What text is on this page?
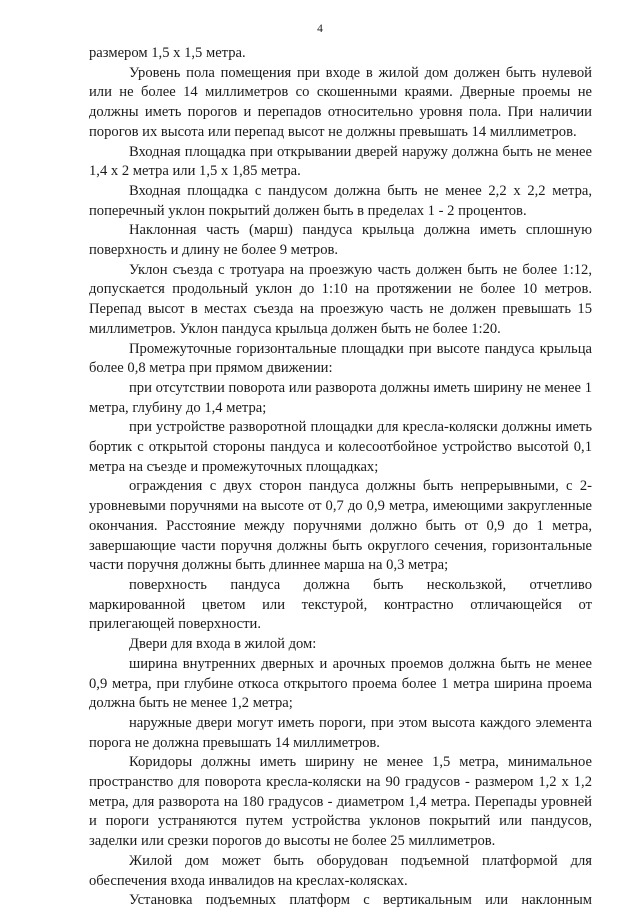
4

размером 1,5 х 1,5 метра.

Уровень пола помещения при входе в жилой дом должен быть нулевой или не более 14 миллиметров со скошенными краями. Дверные проемы не должны иметь порогов и перепадов относительно уровня пола. При наличии порогов их высота или перепад высот не должны превышать 14 миллиметров.

Входная площадка при открывании дверей наружу должна быть не менее 1,4 х 2 метра или 1,5 х 1,85 метра.

Входная площадка с пандусом должна быть не менее 2,2 х 2,2 метра, поперечный уклон покрытий должен быть в пределах 1 - 2 процентов.

Наклонная часть (марш) пандуса крыльца должна иметь сплошную поверхность и длину не более 9 метров.

Уклон съезда с тротуара на проезжую часть должен быть не более 1:12, допускается продольный уклон до 1:10 на протяжении не более 10 метров. Перепад высот в местах съезда на проезжую часть не должен превышать 15 миллиметров. Уклон пандуса крыльца должен быть не более 1:20.

Промежуточные горизонтальные площадки при высоте пандуса крыльца более 0,8 метра при прямом движении:

при отсутствии поворота или разворота должны иметь ширину не менее 1 метра, глубину до 1,4 метра;

при устройстве разворотной площадки для кресла-коляски должны иметь бортик с открытой стороны пандуса и колесоотбойное устройство высотой 0,1 метра на съезде и промежуточных площадках;

ограждения с двух сторон пандуса должны быть непрерывными, с 2-уровневыми поручнями на высоте от 0,7 до 0,9 метра, имеющими закругленные окончания. Расстояние между поручнями должно быть от 0,9 до 1 метра, завершающие части поручня должны быть округлого сечения, горизонтальные части поручня должны быть длиннее марша на 0,3 метра;

поверхность пандуса должна быть нескользкой, отчетливо маркированной цветом или текстурой, контрастно отличающейся от прилегающей поверхности.

Двери для входа в жилой дом:

ширина внутренних дверных и арочных проемов должна быть не менее 0,9 метра, при глубине откоса открытого проема более 1 метра ширина проема должна быть не менее 1,2 метра;

наружные двери могут иметь пороги, при этом высота каждого элемента порога не должна превышать 14 миллиметров.

Коридоры должны иметь ширину не менее 1,5 метра, минимальное пространство для поворота кресла-коляски на 90 градусов - размером 1,2 х 1,2 метра, для разворота на 180 градусов - диаметром 1,4 метра. Перепады уровней и пороги устраняются путем устройства уклонов покрытий или пандусов, заделки или срезки порогов до высоты не более 25 миллиметров.

Жилой дом может быть оборудован подъемной платформой для обеспечения входа инвалидов на креслах-колясках.

Установка подъемных платформ с вертикальным или наклонным
